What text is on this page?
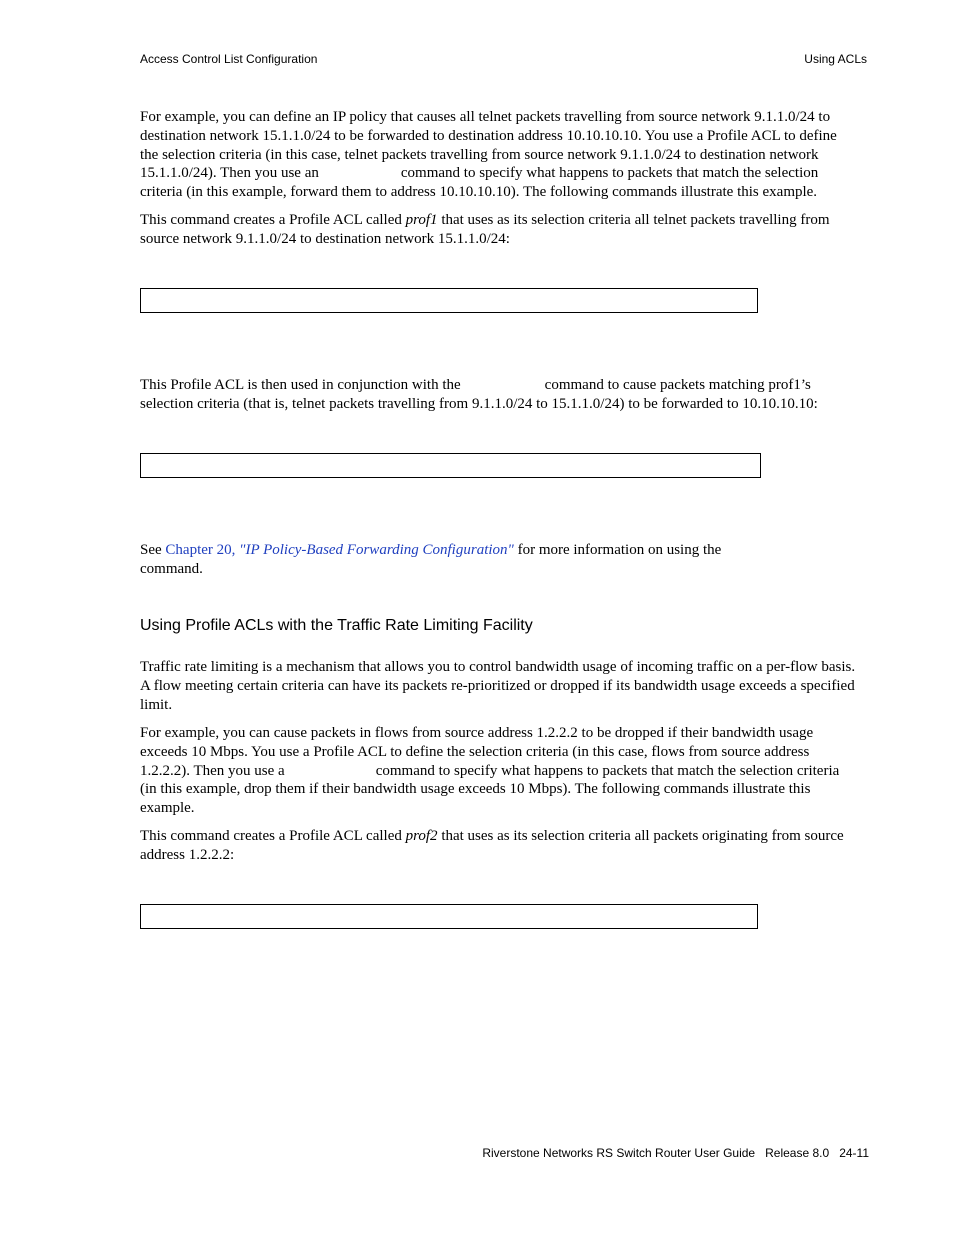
Access Control List Configuration	Using ACLs
For example, you can define an IP policy that causes all telnet packets travelling from source network 9.1.1.0/24 to
destination network 15.1.1.0/24 to be forwarded to destination address 10.10.10.10. You use a Profile ACL to define
the selection criteria (in this case, telnet packets travelling from source network 9.1.1.0/24 to destination network
15.1.1.0/24). Then you use an	command to specify what happens to packets that match the selection
criteria (in this example, forward them to address 10.10.10.10). The following commands illustrate this example.
This command creates a Profile ACL called prof1 that uses as its selection criteria all telnet packets travelling from
source network 9.1.1.0/24 to destination network 15.1.1.0/24:
This Profile ACL is then used in conjunction with the	command to cause packets matching prof1’s
selection criteria (that is, telnet packets travelling from 9.1.1.0/24 to 15.1.1.0/24) to be forwarded to 10.10.10.10:
See Chapter 20, "IP Policy-Based Forwarding Configuration" for more information on using the
command.
Using Profile ACLs with the Traffic Rate Limiting Facility
Traffic rate limiting is a mechanism that allows you to control bandwidth usage of incoming traffic on a per-flow basis.
A flow meeting certain criteria can have its packets re-prioritized or dropped if its bandwidth usage exceeds a specified
limit.
For example, you can cause packets in flows from source address 1.2.2.2 to be dropped if their bandwidth usage
exceeds 10 Mbps. You use a Profile ACL to define the selection criteria (in this case, flows from source address
1.2.2.2). Then you use a	command to specify what happens to packets that match the selection criteria
(in this example, drop them if their bandwidth usage exceeds 10 Mbps). The following commands illustrate this
example.
This command creates a Profile ACL called prof2 that uses as its selection criteria all packets originating from source
address 1.2.2.2:
Riverstone Networks RS Switch Router User Guide Release 8.0 24-11
